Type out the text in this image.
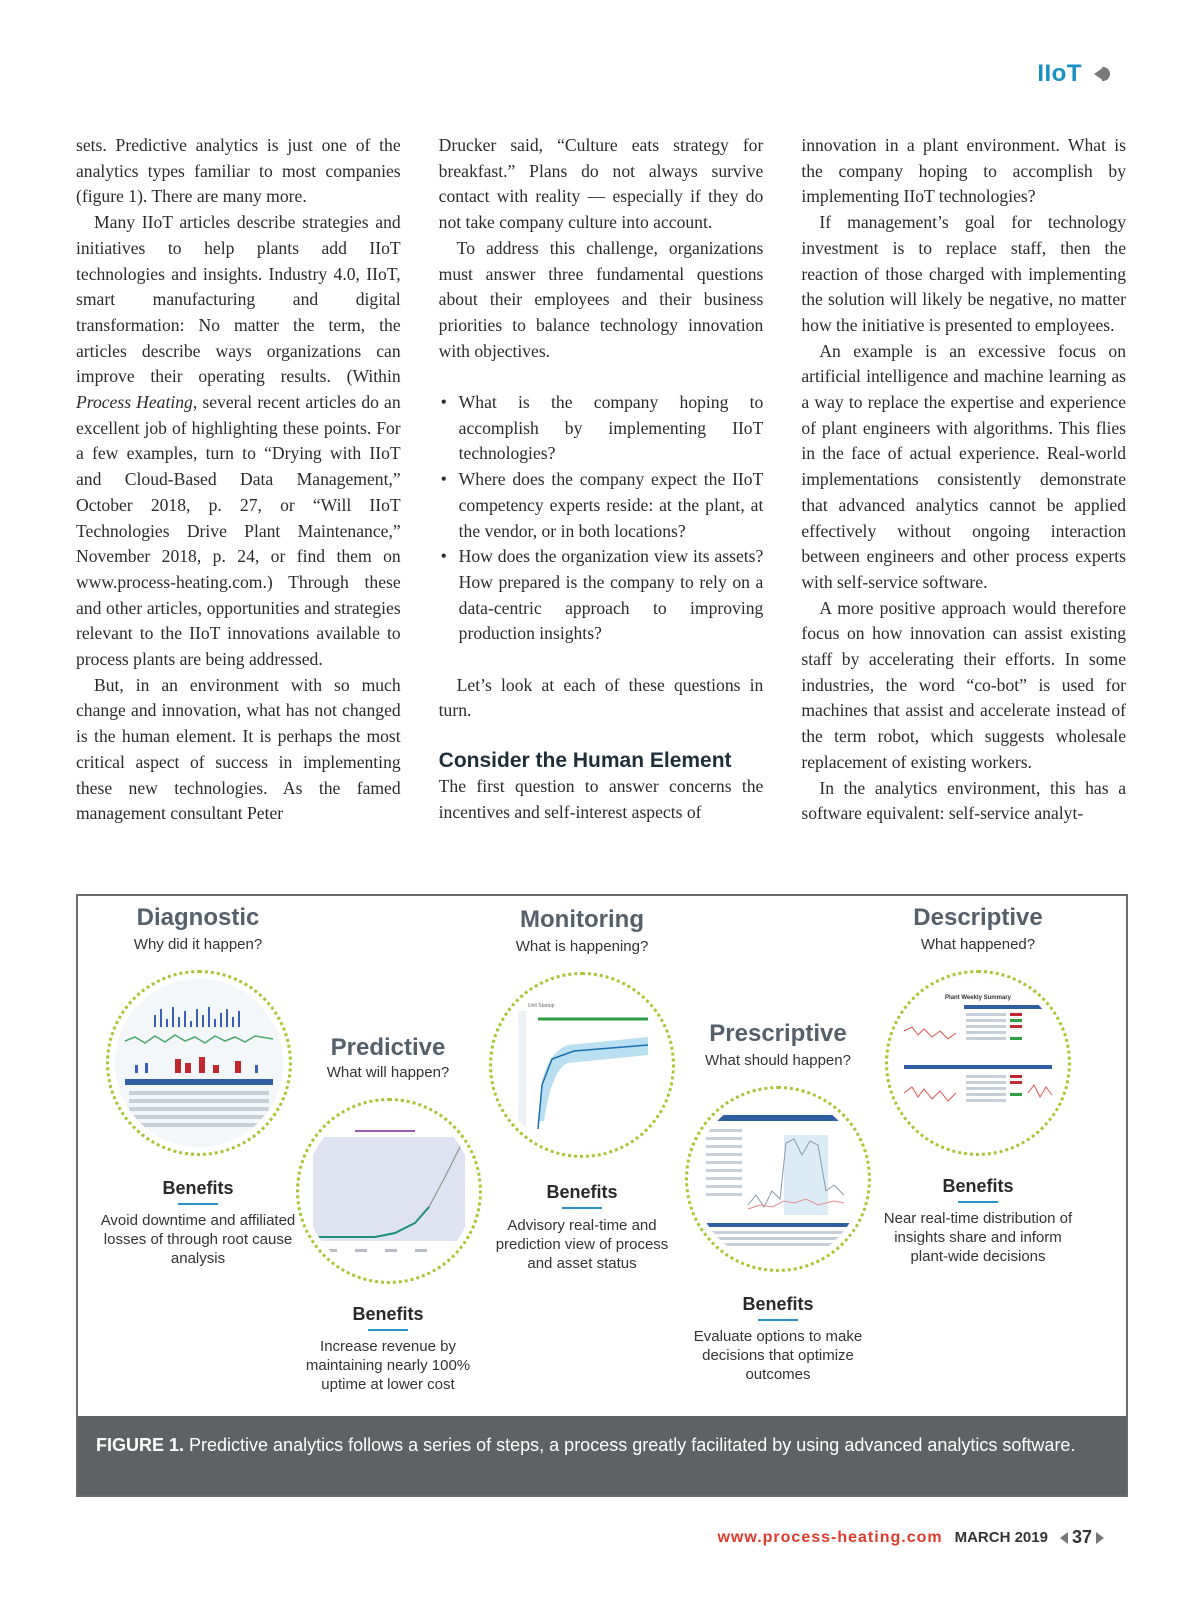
IIoT

sets. Predictive analytics is just one of the analytics types familiar to most companies (figure 1). There are many more.

Many IIoT articles describe strategies and initiatives to help plants add IIoT technologies and insights. Industry 4.0, IIoT, smart manufacturing and digital transformation: No matter the term, the articles describe ways organizations can improve their operating results. (Within Process Heating, several recent articles do an excellent job of highlighting these points. For a few examples, turn to “Drying with IIoT and Cloud-Based Data Management,” October 2018, p. 27, or “Will IIoT Technologies Drive Plant Maintenance,” November 2018, p. 24, or find them on www.process-heating.com.) Through these and other articles, opportunities and strategies relevant to the IIoT innovations available to process plants are being addressed.

But, in an environment with so much change and innovation, what has not changed is the human element. It is perhaps the most critical aspect of success in implementing these new technologies. As the famed management consultant Peter

Drucker said, “Culture eats strategy for breakfast.” Plans do not always survive contact with reality — especially if they do not take company culture into account.

To address this challenge, organizations must answer three fundamental questions about their employees and their business priorities to balance technology innovation with objectives.

• What is the company hoping to accomplish by implementing IIoT technologies?
• Where does the company expect the IIoT competency experts reside: at the plant, at the vendor, or in both locations?
• How does the organization view its assets? How prepared is the company to rely on a data-centric approach to improving production insights?

Let’s look at each of these questions in turn.

Consider the Human Element

The first question to answer concerns the incentives and self-interest aspects of

innovation in a plant environment. What is the company hoping to accomplish by implementing IIoT technologies?

If management’s goal for technology investment is to replace staff, then the reaction of those charged with implementing the solution will likely be negative, no matter how the initiative is presented to employees.

An example is an excessive focus on artificial intelligence and machine learning as a way to replace the expertise and experience of plant engineers with algorithms. This flies in the face of actual experience. Real-world implementations consistently demonstrate that advanced analytics cannot be applied effectively without ongoing interaction between engineers and other process experts with self-service software.

A more positive approach would therefore focus on how innovation can assist existing staff by accelerating their efforts. In some industries, the word “co-bot” is used for machines that assist and accelerate instead of the term robot, which suggests wholesale replacement of existing workers.

In the analytics environment, this has a software equivalent: self-service analyt-

Diagnostic
Why did it happen?
Benefits
Avoid downtime and affiliated losses of through root cause analysis
Predictive
What will happen?
Benefits
Increase revenue by maintaining nearly 100% uptime at lower cost
Monitoring
What is happening?
Unit Startup
Benefits
Advisory real-time and prediction view of process and asset status
Prescriptive
What should happen?
Benefits
Evaluate options to make decisions that optimize outcomes
Descriptive
What happened?
Plant Weekly Summary
Benefits
Near real-time distribution of insights share and inform plant-wide decisions
FIGURE 1. Predictive analytics follows a series of steps, a process greatly facilitated by using advanced analytics software.
www.process-heating.com MARCH 2019 37
